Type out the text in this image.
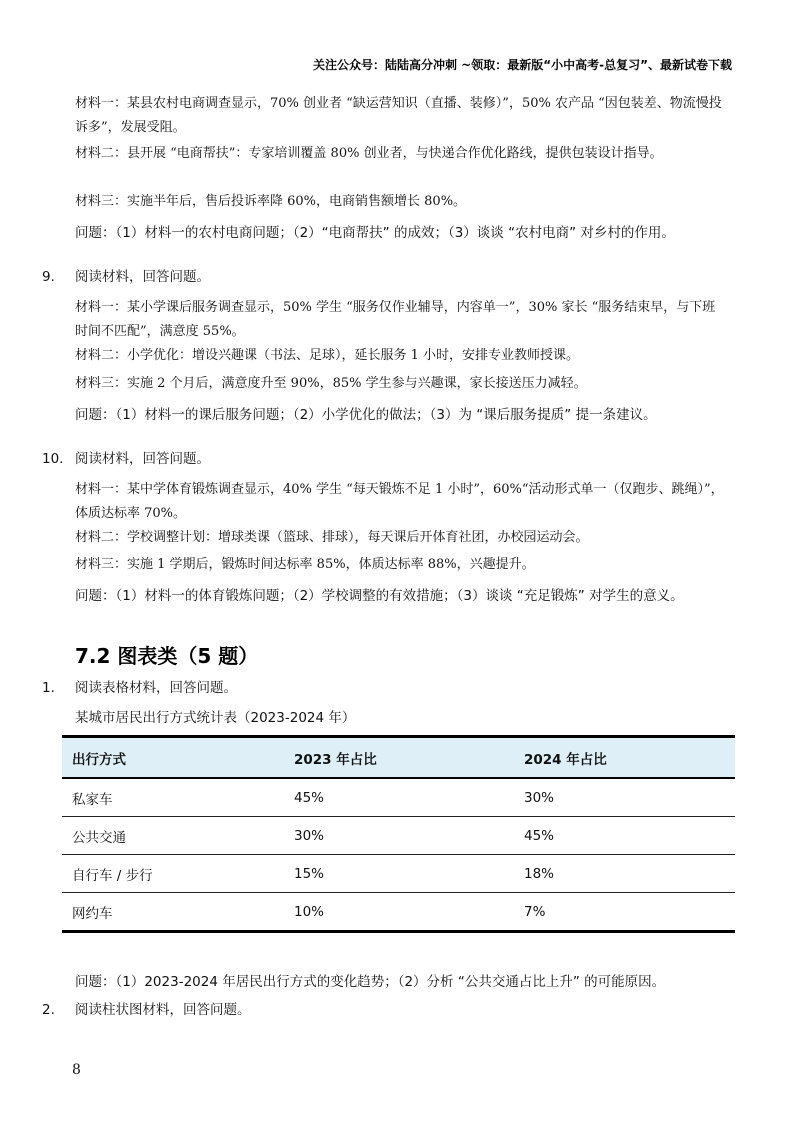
关注公众号：陆陆高分冲刺 ~领取：最新版“小中高考-总复习”、最新试卷下载
材料一：某县农村电商调查显示，70% 创业者 “缺运营知识（直播、装修）”，50% 农产品 “因包装差、物流慢投诉多”，发展受阻。
材料二：县开展 “电商帮扶”：专家培训覆盖 80% 创业者，与快递合作优化路线，提供包装设计指导。
材料三：实施半年后，售后投诉率降 60%，电商销售额增长 80%。
问题：（1）材料一的农村电商问题；（2）“电商帮扶” 的成效；（3）谈谈 “农村电商” 对乡村的作用。
9. 阅读材料，回答问题。
材料一：某小学课后服务调查显示，50% 学生 “服务仅作业辅导，内容单一”，30% 家长 “服务结束早，与下班时间不匹配”，满意度 55%。
材料二：小学优化：增设兴趣课（书法、足球），延长服务 1 小时，安排专业教师授课。
材料三：实施 2 个月后，满意度升至 90%，85% 学生参与兴趣课，家长接送压力减轻。
问题：（1）材料一的课后服务问题；（2）小学优化的做法；（3）为 “课后服务提质” 提一条建议。
10. 阅读材料，回答问题。
材料一：某中学体育锻炼调查显示，40% 学生 “每天锻炼不足 1 小时”，60%“活动形式单一（仅跑步、跳绳）”，体质达标率 70%。
材料二：学校调整计划：增球类课（篮球、排球），每天课后开体育社团，办校园运动会。
材料三：实施 1 学期后，锻炼时间达标率 85%，体质达标率 88%，兴趣提升。
问题：（1）材料一的体育锻炼问题；（2）学校调整的有效措施；（3）谈谈 “充足锻炼” 对学生的意义。
7.2 图表类（5 题）
1. 阅读表格材料，回答问题。
某城市居民出行方式统计表（2023-2024 年）
出行方式	2023 年占比	2024 年占比
私家车	45%	30%
公共交通	30%	45%
自行车 / 步行	15%	18%
网约车	10%	7%
问题：（1）2023-2024 年居民出行方式的变化趋势；（2）分析 “公共交通占比上升” 的可能原因。
2. 阅读柱状图材料，回答问题。
8
